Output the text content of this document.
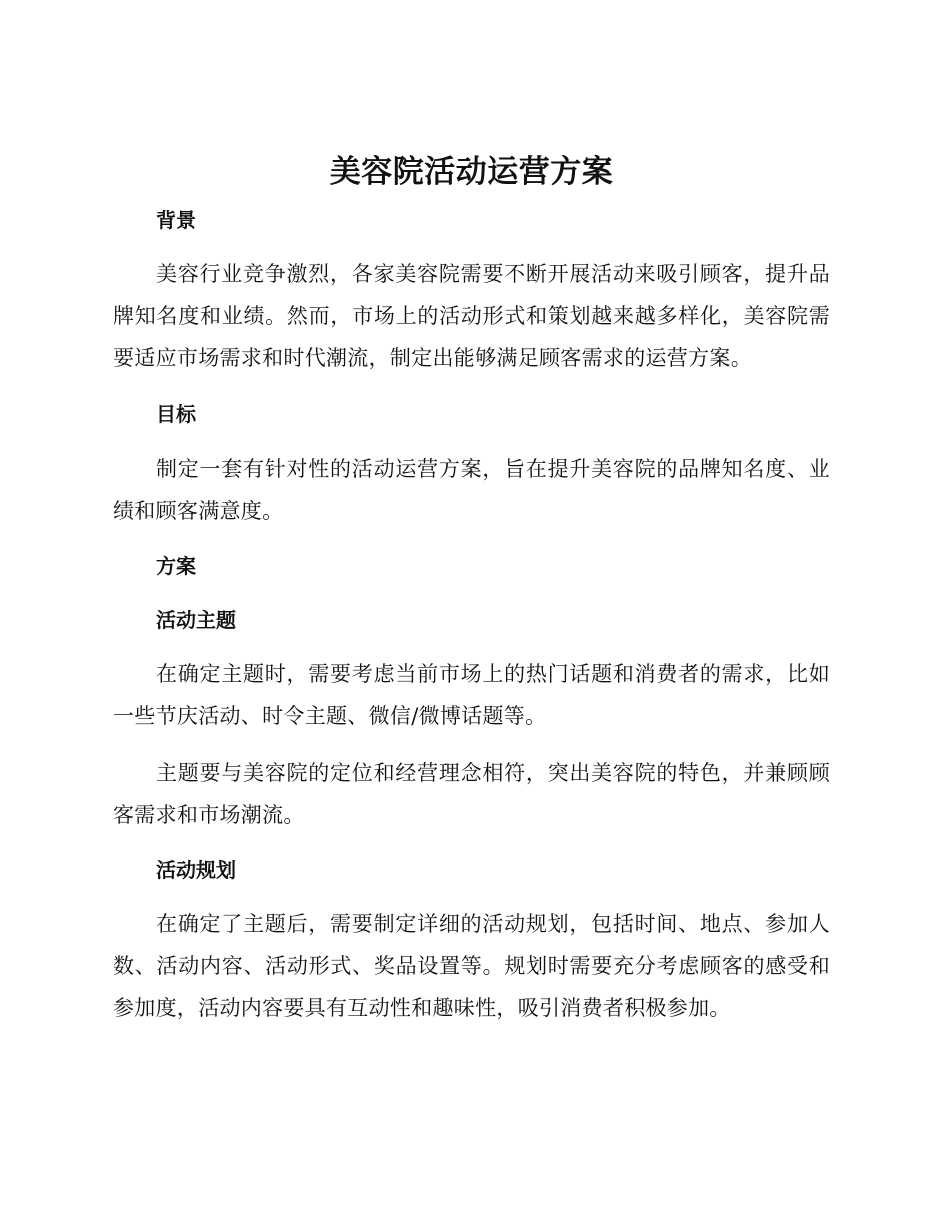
美容院活动运营方案
背景

美容行业竞争激烈，各家美容院需要不断开展活动来吸引顾客，提升品牌知名度和业绩。然而，市场上的活动形式和策划越来越多样化，美容院需要适应市场需求和时代潮流，制定出能够满足顾客需求的运营方案。

目标

制定一套有针对性的活动运营方案，旨在提升美容院的品牌知名度、业绩和顾客满意度。

方案
活动主题

在确定主题时，需要考虑当前市场上的热门话题和消费者的需求，比如一些节庆活动、时令主题、微信/微博话题等。

主题要与美容院的定位和经营理念相符，突出美容院的特色，并兼顾顾客需求和市场潮流。

活动规划

在确定了主题后，需要制定详细的活动规划，包括时间、地点、参加人数、活动内容、活动形式、奖品设置等。规划时需要充分考虑顾客的感受和参加度，活动内容要具有互动性和趣味性，吸引消费者积极参加。
